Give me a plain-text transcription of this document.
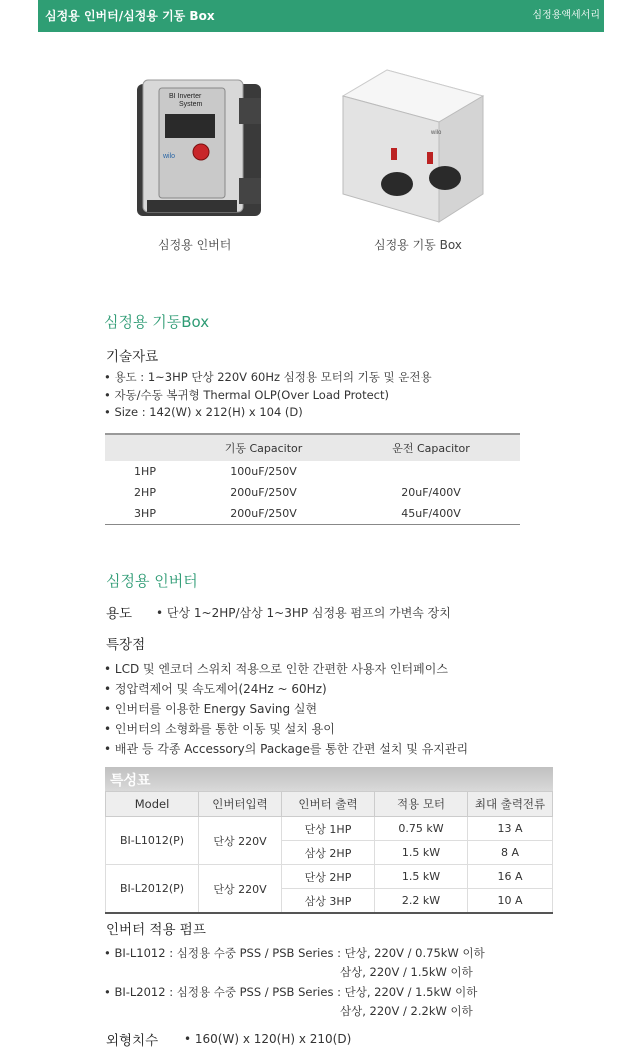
심정용 인버터/심정용 기동 Box	심정용액세서리
BI Inverter
System
wilo
심정용 인버터
wilo
심정용 기동 Box
심정용 기동Box
기술자료
• 용도 : 1~3HP 단상 220V 60Hz 심정용 모터의 기동 및 운전용
• 자동/수동 복귀형 Thermal OLP(Over Load Protect)
• Size : 142(W) x 212(H) x 104 (D)
	기동 Capacitor	운전 Capacitor
1HP	100uF/250V	
2HP	200uF/250V	20uF/400V
3HP	200uF/250V	45uF/400V
심정용 인버터
용도 • 단상 1~2HP/삼상 1~3HP 심정용 펌프의 가변속 장치
특장점
• LCD 및 엔코더 스위치 적용으로 인한 간편한 사용자 인터페이스
• 정압력제어 및 속도제어(24Hz ~ 60Hz)
• 인버터를 이용한 Energy Saving 실현
• 인버터의 소형화를 통한 이동 및 설치 용이
• 배관 등 각종 Accessory의 Package를 통한 간편 설치 및 유지관리
특성표
Model	인버터입력	인버터 출력	적용 모터	최대 출력전류
BI-L1012(P)	단상 220V	단상 1HP	0.75 kW	13 A
		삼상 2HP	1.5 kW	8 A
BI-L2012(P)	단상 220V	단상 2HP	1.5 kW	16 A
		삼상 3HP	2.2 kW	10 A
인버터 적용 펌프
• BI-L1012 : 심정용 수중 PSS / PSB Series : 단상, 220V / 0.75kW 이하
삼상, 220V / 1.5kW 이하
• BI-L2012 : 심정용 수중 PSS / PSB Series : 단상, 220V / 1.5kW 이하
삼상, 220V / 2.2kW 이하
외형치수 • 160(W) x 120(H) x 210(D)
